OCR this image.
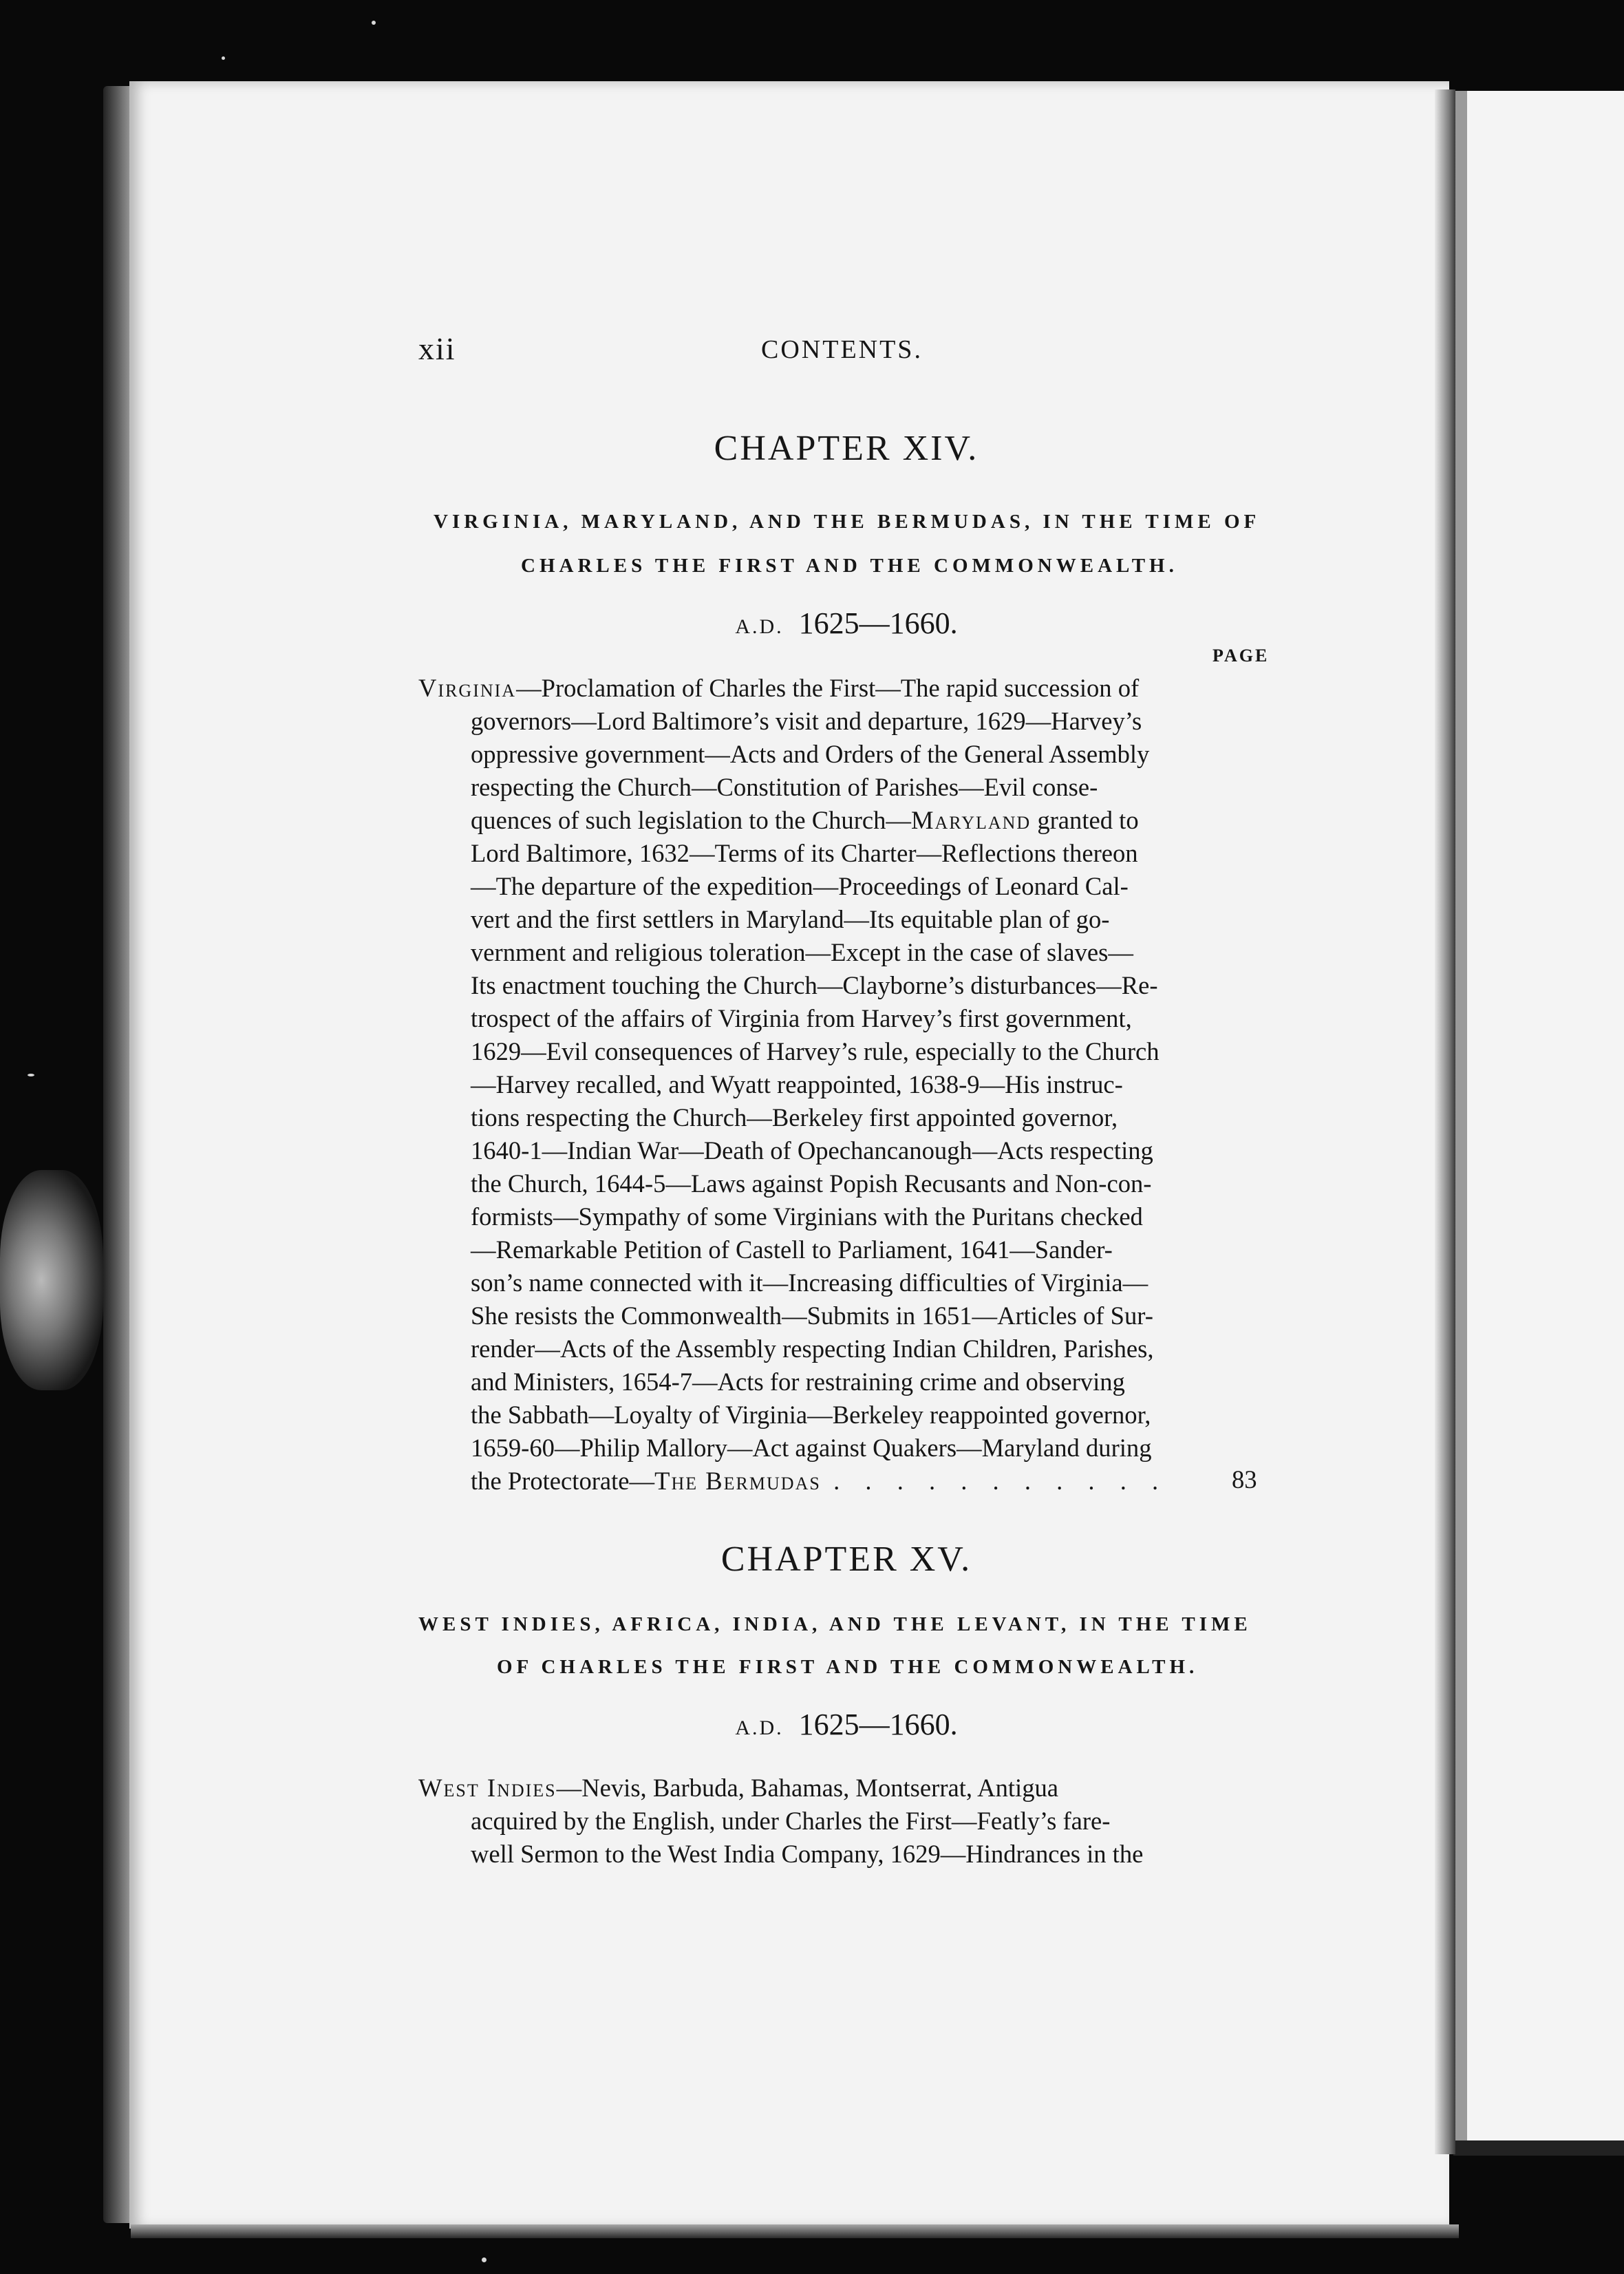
xii	CONTENTS.
CHAPTER XIV.
VIRGINIA, MARYLAND, AND THE BERMUDAS, IN THE TIME OF
CHARLES THE FIRST AND THE COMMONWEALTH.
A.D. 1625—1660.
PAGE
Virginia—Proclamation of Charles the First—The rapid succession of
governors—Lord Baltimore’s visit and departure, 1629—Harvey’s
oppressive government—Acts and Orders of the General Assembly
respecting the Church—Constitution of Parishes—Evil conse-
quences of such legislation to the Church—Maryland granted to
Lord Baltimore, 1632—Terms of its Charter—Reflections thereon
—The departure of the expedition—Proceedings of Leonard Cal-
vert and the first settlers in Maryland—Its equitable plan of go-
vernment and religious toleration—Except in the case of slaves—
Its enactment touching the Church—Clayborne’s disturbances—Re-
trospect of the affairs of Virginia from Harvey’s first government,
1629—Evil consequences of Harvey’s rule, especially to the Church
—Harvey recalled, and Wyatt reappointed, 1638-9—His instruc-
tions respecting the Church—Berkeley first appointed governor,
1640-1—Indian War—Death of Opechancanough—Acts respecting
the Church, 1644-5—Laws against Popish Recusants and Non-con-
formists—Sympathy of some Virginians with the Puritans checked
—Remarkable Petition of Castell to Parliament, 1641—Sander-
son’s name connected with it—Increasing difficulties of Virginia—
She resists the Commonwealth—Submits in 1651—Articles of Sur-
render—Acts of the Assembly respecting Indian Children, Parishes,
and Ministers, 1654-7—Acts for restraining crime and observing
the Sabbath—Loyalty of Virginia—Berkeley reappointed governor,
1659-60—Philip Mallory—Act against Quakers—Maryland during
the Protectorate—The Bermudas . . . . . . . . . . .	83
CHAPTER XV.
WEST INDIES, AFRICA, INDIA, AND THE LEVANT, IN THE TIME
OF CHARLES THE FIRST AND THE COMMONWEALTH.
A.D. 1625—1660.
West Indies—Nevis, Barbuda, Bahamas, Montserrat, Antigua
acquired by the English, under Charles the First—Featly’s fare-
well Sermon to the West India Company, 1629—Hindrances in the
